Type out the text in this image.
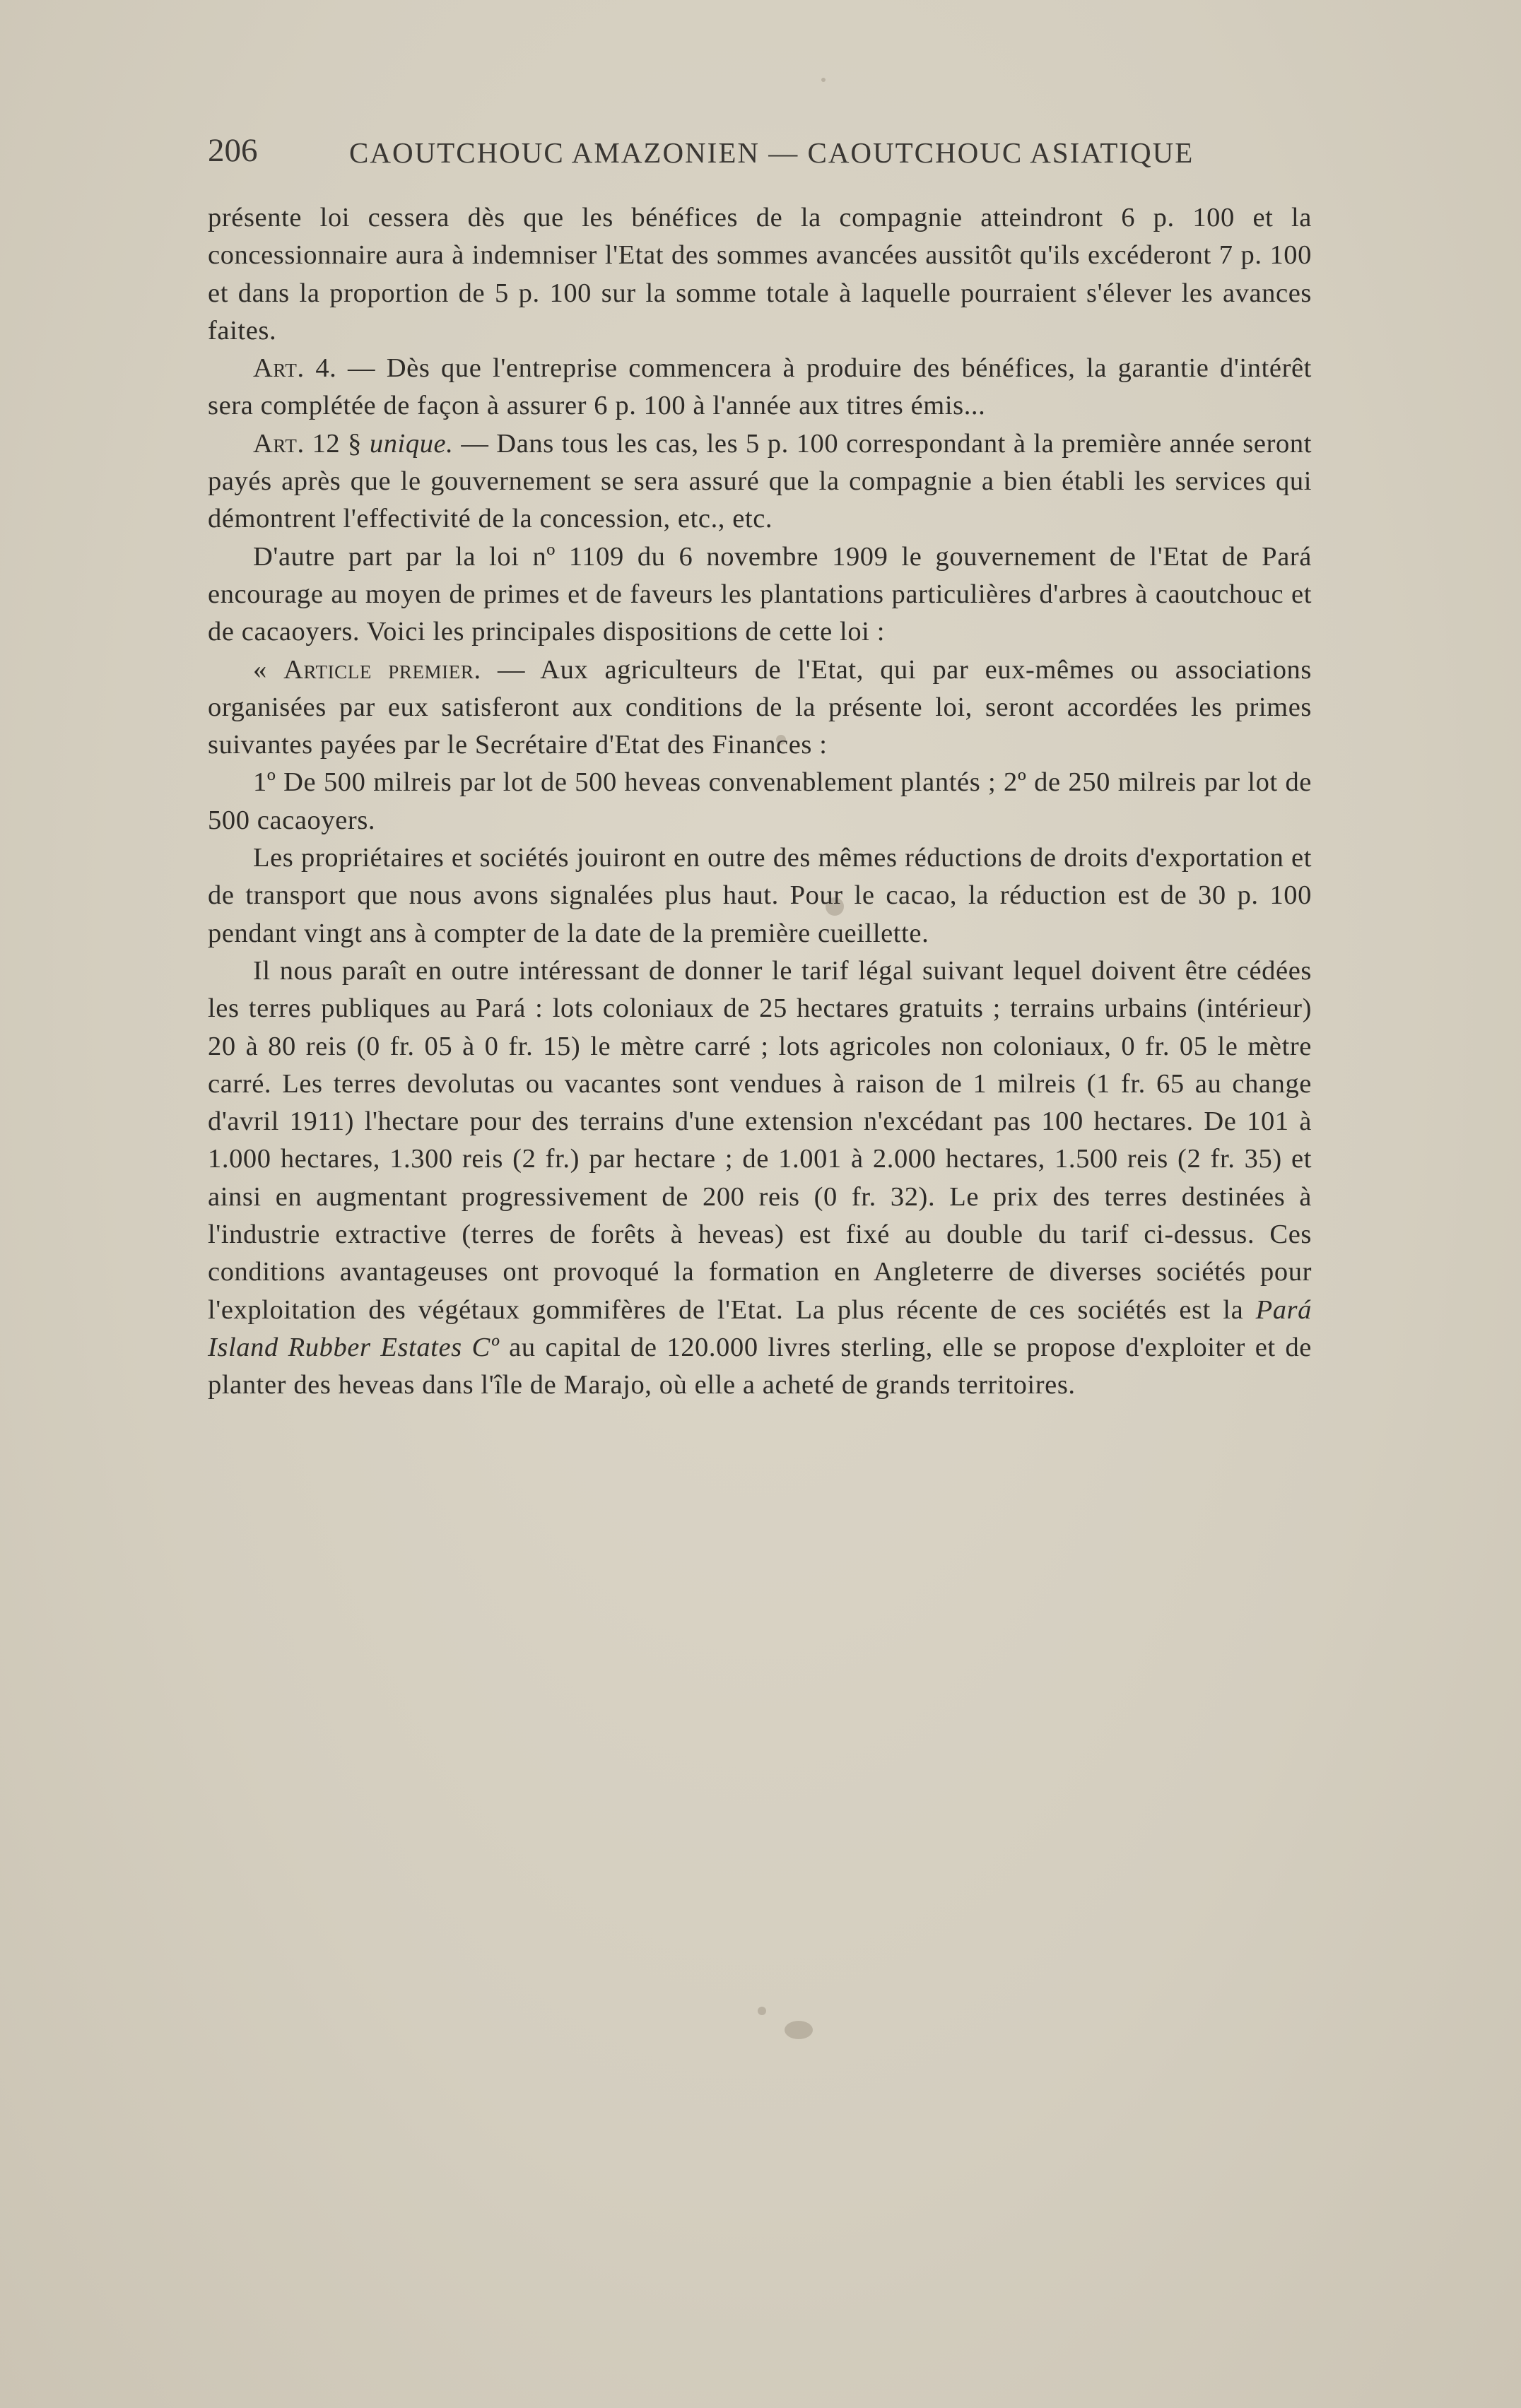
206	CAOUTCHOUC AMAZONIEN — CAOUTCHOUC ASIATIQUE

présente loi cessera dès que les bénéfices de la compagnie atteindront 6 p. 100 et la concessionnaire aura à indemniser l'Etat des sommes avancées aussitôt qu'ils excéderont 7 p. 100 et dans la proportion de 5 p. 100 sur la somme totale à laquelle pourraient s'élever les avances faites.

Art. 4. — Dès que l'entreprise commencera à produire des bénéfices, la garantie d'intérêt sera complétée de façon à assurer 6 p. 100 à l'année aux titres émis...

Art. 12 § unique. — Dans tous les cas, les 5 p. 100 correspondant à la première année seront payés après que le gouvernement se sera assuré que la compagnie a bien établi les services qui démontrent l'effectivité de la concession, etc., etc.

D'autre part par la loi nº 1109 du 6 novembre 1909 le gouvernement de l'Etat de Pará encourage au moyen de primes et de faveurs les plantations particulières d'arbres à caoutchouc et de cacaoyers. Voici les principales dispositions de cette loi :

« Article premier. — Aux agriculteurs de l'Etat, qui par eux-mêmes ou associations organisées par eux satisferont aux conditions de la présente loi, seront accordées les primes suivantes payées par le Secrétaire d'Etat des Finances :

1º De 500 milreis par lot de 500 heveas convenablement plantés ; 2º de 250 milreis par lot de 500 cacaoyers.

Les propriétaires et sociétés jouiront en outre des mêmes réductions de droits d'exportation et de transport que nous avons signalées plus haut. Pour le cacao, la réduction est de 30 p. 100 pendant vingt ans à compter de la date de la première cueillette.

Il nous paraît en outre intéressant de donner le tarif légal suivant lequel doivent être cédées les terres publiques au Pará : lots coloniaux de 25 hectares gratuits ; terrains urbains (intérieur) 20 à 80 reis (0 fr. 05 à 0 fr. 15) le mètre carré ; lots agricoles non coloniaux, 0 fr. 05 le mètre carré. Les terres devolutas ou vacantes sont vendues à raison de 1 milreis (1 fr. 65 au change d'avril 1911) l'hectare pour des terrains d'une extension n'excédant pas 100 hectares. De 101 à 1.000 hectares, 1.300 reis (2 fr.) par hectare ; de 1.001 à 2.000 hectares, 1.500 reis (2 fr. 35) et ainsi en augmentant progressivement de 200 reis (0 fr. 32). Le prix des terres destinées à l'industrie extractive (terres de forêts à heveas) est fixé au double du tarif ci-dessus. Ces conditions avantageuses ont provoqué la formation en Angleterre de diverses sociétés pour l'exploitation des végétaux gommifères de l'Etat. La plus récente de ces sociétés est la Pará Island Rubber Estates Cº au capital de 120.000 livres sterling, elle se propose d'exploiter et de planter des heveas dans l'île de Marajo, où elle a acheté de grands territoires.
